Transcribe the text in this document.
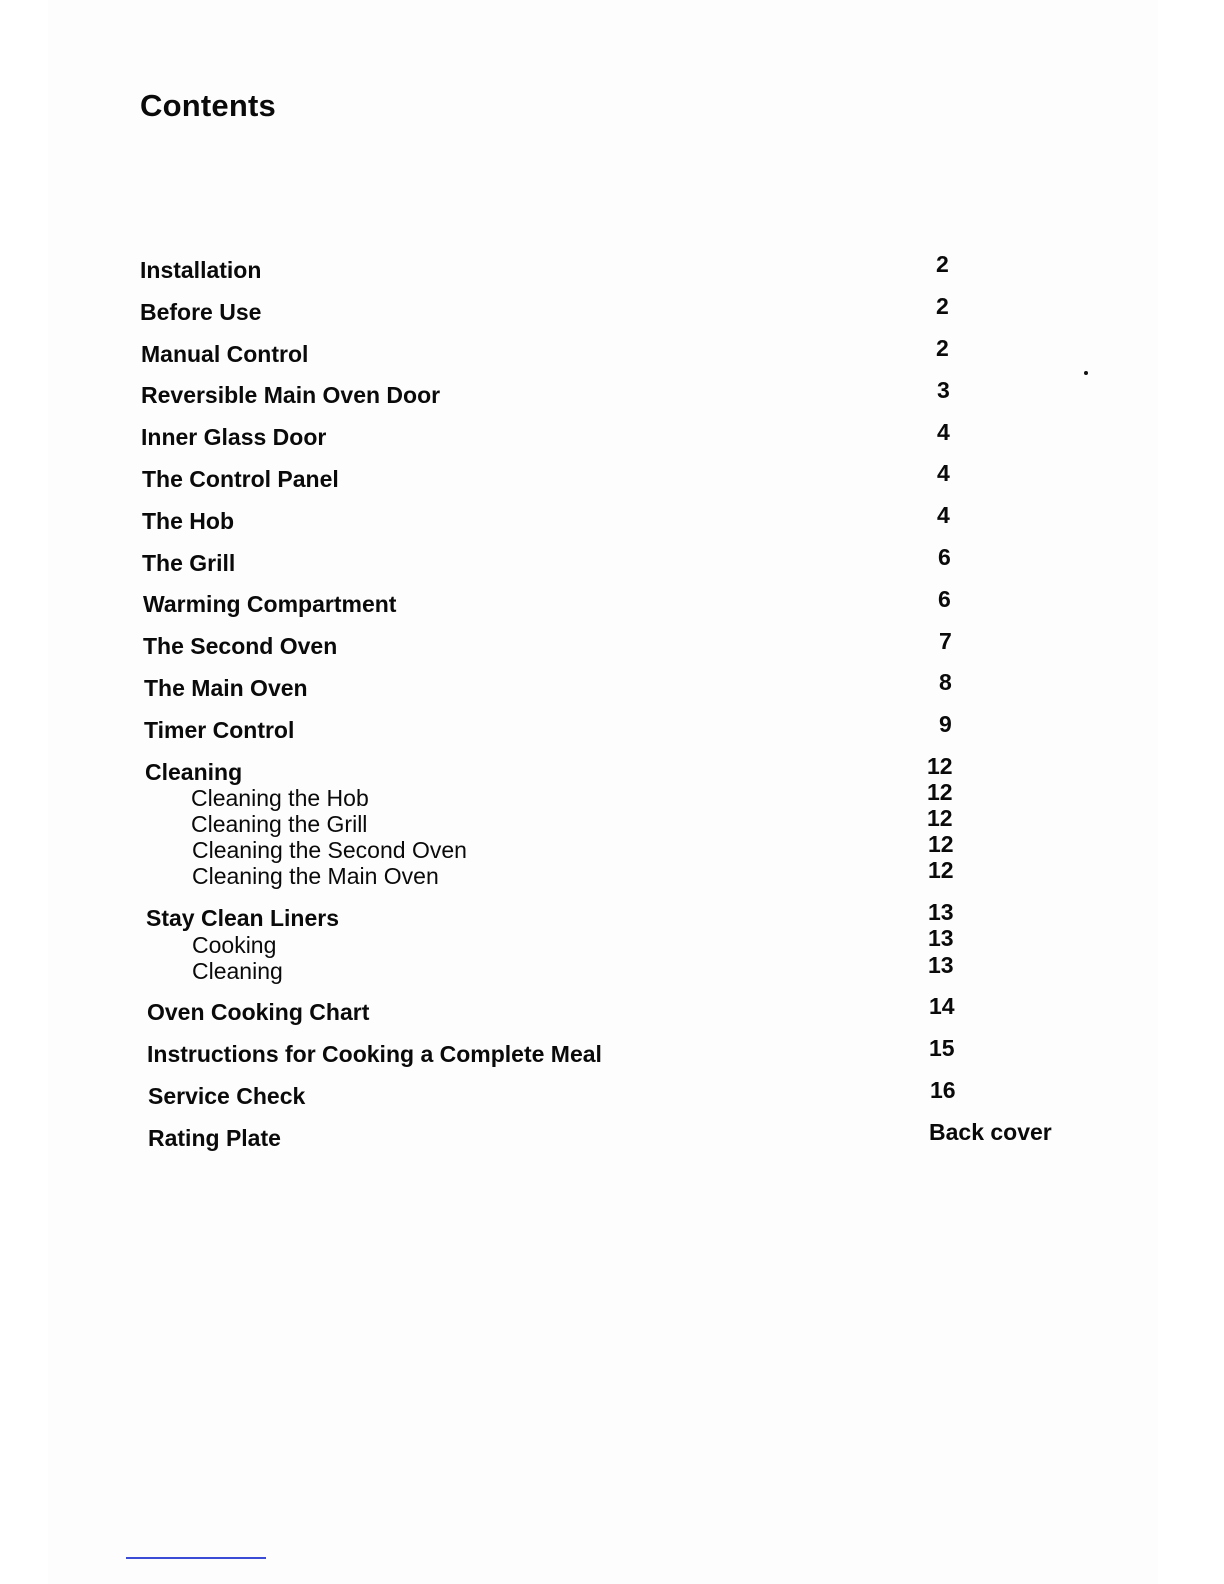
Contents
Installation	2
Before Use	2
Manual Control	2
Reversible Main Oven Door	3
Inner Glass Door	4
The Control Panel	4
The Hob	4
The Grill	6
Warming Compartment	6
The Second Oven	7
The Main Oven	8
Timer Control	9
Cleaning	12
Cleaning the Hob	12
Cleaning the Grill	12
Cleaning the Second Oven	12
Cleaning the Main Oven	12
Stay Clean Liners	13
Cooking	13
Cleaning	13
Oven Cooking Chart	14
Instructions for Cooking a Complete Meal	15
Service Check	16
Rating Plate	Back cover
